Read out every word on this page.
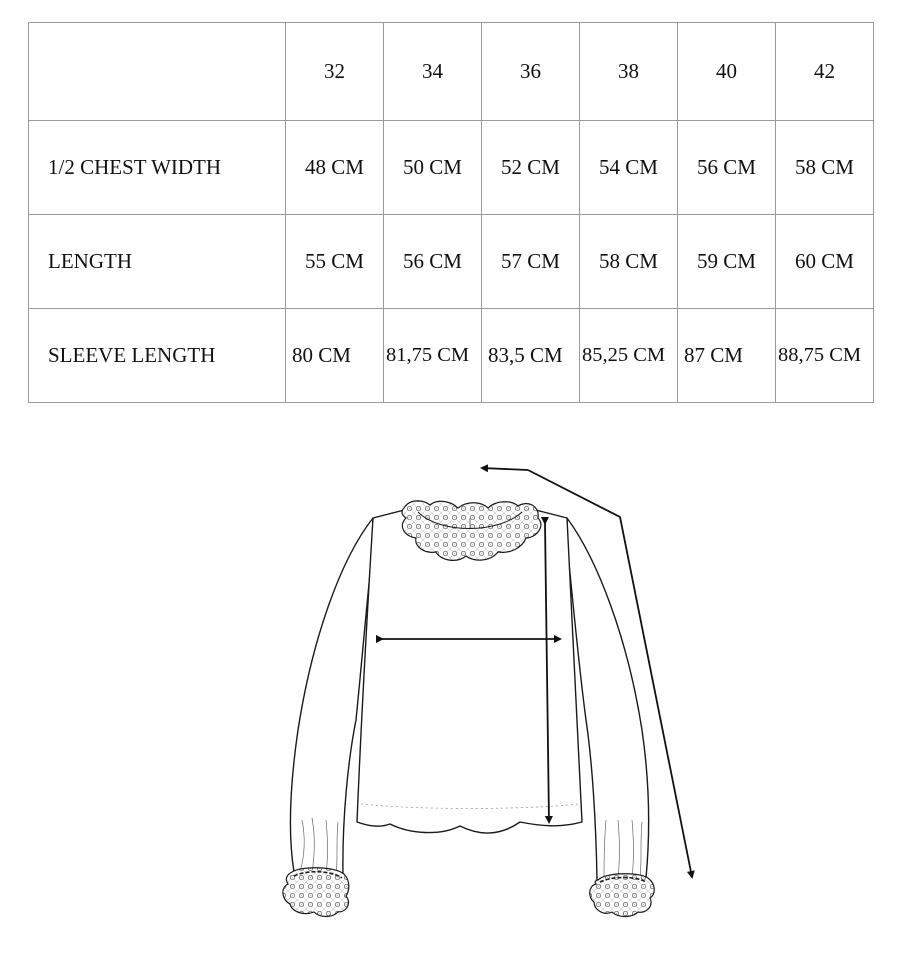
	32	34	36	38	40	42
1/2 CHEST WIDTH	48 CM	50 CM	52 CM	54 CM	56 CM	58 CM
LENGTH	55 CM	56 CM	57 CM	58 CM	59 CM	60 CM
SLEEVE LENGTH	80 CM	81,75 CM	83,5 CM	85,25 CM	87 CM	88,75 CM
